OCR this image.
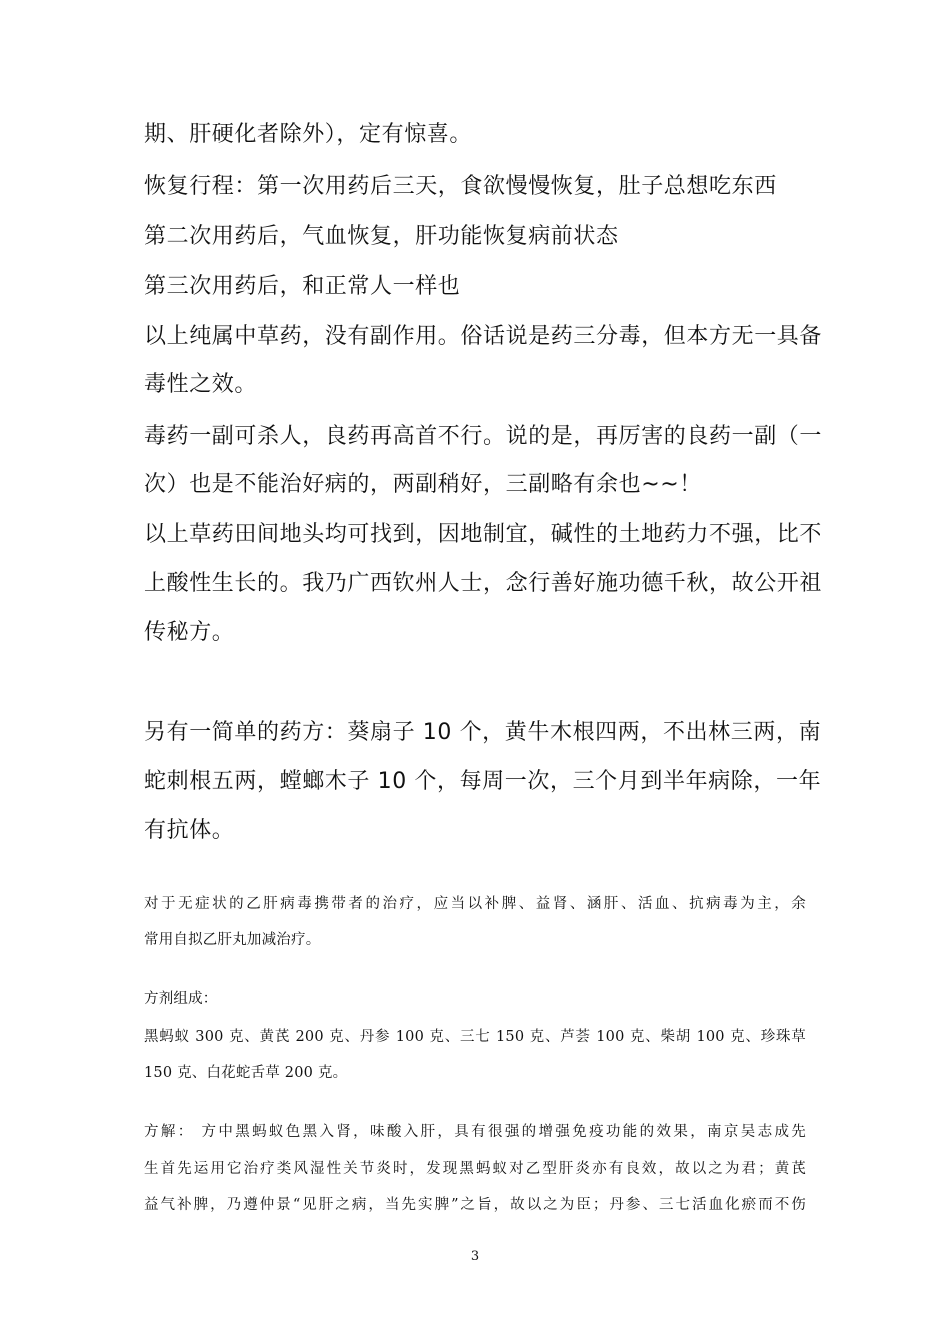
期、肝硬化者除外），定有惊喜。

恢复行程：第一次用药后三天，食欲慢慢恢复，肚子总想吃东西

第二次用药后，气血恢复，肝功能恢复病前状态

第三次用药后，和正常人一样也

以上纯属中草药，没有副作用。俗话说是药三分毒，但本方无一具备

毒性之效。

毒药一副可杀人，良药再高首不行。说的是，再厉害的良药一副（一

次）也是不能治好病的，两副稍好，三副略有余也~~！

以上草药田间地头均可找到，因地制宜，碱性的土地药力不强，比不

上酸性生长的。我乃广西钦州人士，念行善好施功德千秋，故公开祖

传秘方。

另有一简单的药方：葵扇子 10 个，黄牛木根四两，不出林三两，南

蛇刺根五两，螳螂木子 10 个，每周一次，三个月到半年病除，一年

有抗体。

对于无症状的乙肝病毒携带者的治疗，应当以补脾、益肾、涵肝、活血、抗病毒为主，余

常用自拟乙肝丸加减治疗。

方剂组成：

黑蚂蚁 300 克、黄芪 200 克、丹参 100 克、三七 150 克、芦荟 100 克、柴胡 100 克、珍珠草

150 克、白花蛇舌草 200 克。

方解： 方中黑蚂蚁色黑入肾，味酸入肝，具有很强的增强免疫功能的效果，南京吴志成先

生首先运用它治疗类风湿性关节炎时，发现黑蚂蚁对乙型肝炎亦有良效，故以之为君；黄芪

益气补脾，乃遵仲景“见肝之病，当先实脾”之旨，故以之为臣；丹参、三七活血化瘀而不伤

3
